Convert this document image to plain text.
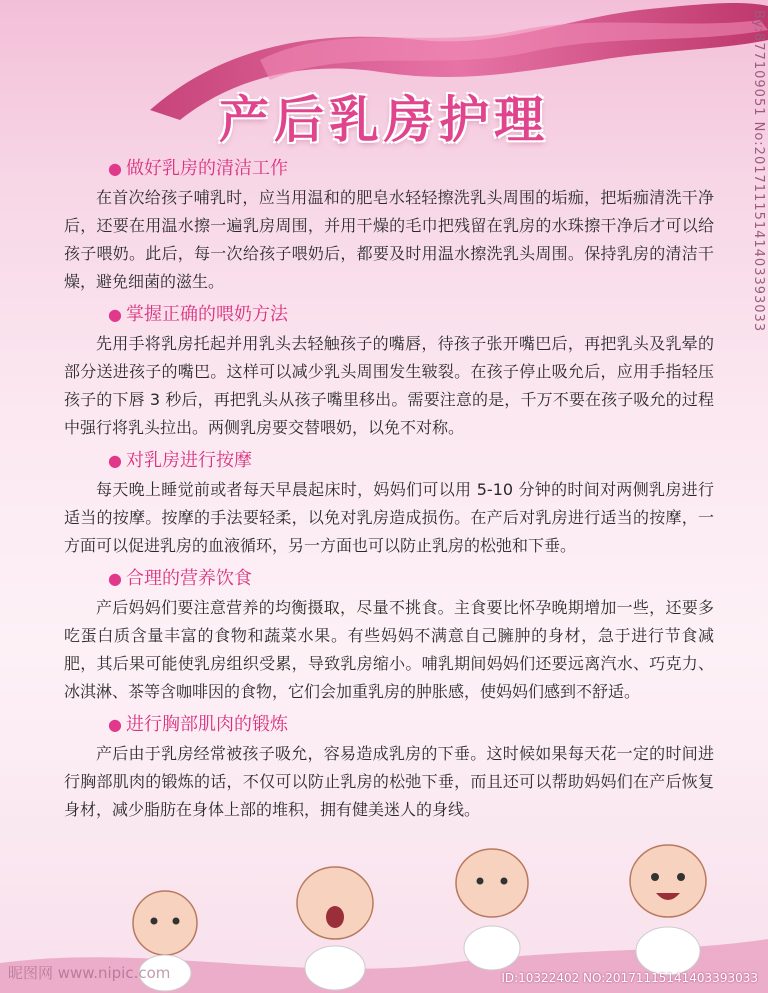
产后乳房护理
● 做好乳房的清洁工作

在首次给孩子哺乳时，应当用温和的肥皂水轻轻擦洗乳头周围的垢痂，把垢痂清洗干净后，还要在用温水擦一遍乳房周围，并用干燥的毛巾把残留在乳房的水珠擦干净后才可以给孩子喂奶。此后，每一次给孩子喂奶后，都要及时用温水擦洗乳头周围。保持乳房的清洁干燥，避免细菌的滋生。

● 掌握正确的喂奶方法

先用手将乳房托起并用乳头去轻触孩子的嘴唇，待孩子张开嘴巴后，再把乳头及乳晕的部分送进孩子的嘴巴。这样可以减少乳头周围发生皲裂。在孩子停止吸允后，应用手指轻压孩子的下唇 3 秒后，再把乳头从孩子嘴里移出。需要注意的是，千万不要在孩子吸允的过程中强行将乳头拉出。两侧乳房要交替喂奶，以免不对称。

● 对乳房进行按摩

每天晚上睡觉前或者每天早晨起床时，妈妈们可以用 5-10 分钟的时间对两侧乳房进行适当的按摩。按摩的手法要轻柔，以免对乳房造成损伤。在产后对乳房进行适当的按摩，一方面可以促进乳房的血液循环，另一方面也可以防止乳房的松弛和下垂。

● 合理的营养饮食

产后妈妈们要注意营养的均衡摄取，尽量不挑食。主食要比怀孕晚期增加一些，还要多吃蛋白质含量丰富的食物和蔬菜水果。有些妈妈不满意自己臃肿的身材，急于进行节食减肥，其后果可能使乳房组织受累，导致乳房缩小。哺乳期间妈妈们还要远离汽水、巧克力、冰淇淋、茶等含咖啡因的食物，它们会加重乳房的肿胀感，使妈妈们感到不舒适。

● 进行胸部肌肉的锻炼

产后由于乳房经常被孩子吸允，容易造成乳房的下垂。这时候如果每天花一定的时间进行胸部肌肉的锻炼的话，不仅可以防止乳房的松弛下垂，而且还可以帮助妈妈们在产后恢复身材，减少脂肪在身体上部的堆积，拥有健美迷人的身线。

By:877109051 No:20171115141403393033
昵图网 www.nipic.com	ID:10322402 NO:20171115141403393033
